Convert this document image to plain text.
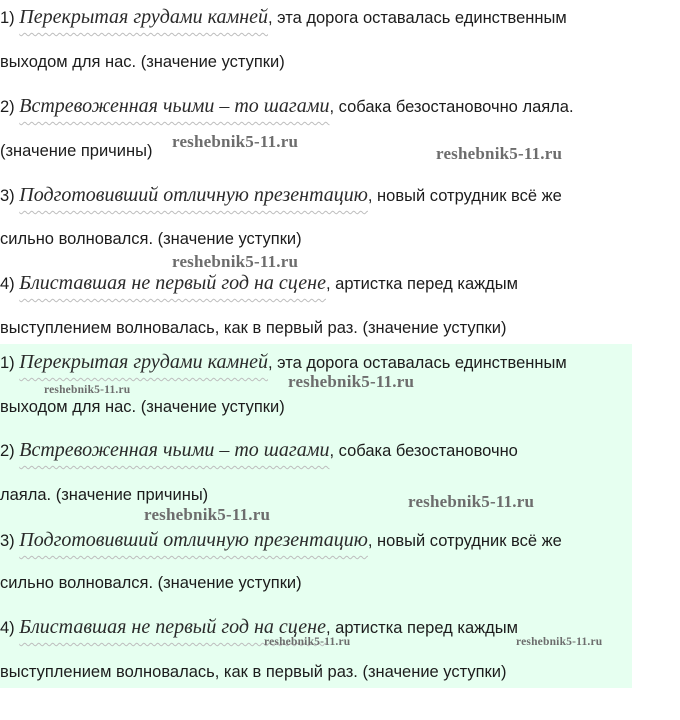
1) Перекрытая грудами камней, эта дорога оставалась единственным
выходом для нас. (значение уступки)
2) Встревоженная чьими – то шагами, собака безостановочно лаяла.
(значение причины)
3) Подготовивший отличную презентацию, новый сотрудник всё же
сильно волновался. (значение уступки)
4) Блиставшая не первый год на сцене, артистка перед каждым
выступлением волновалась, как в первый раз. (значение уступки)
1) Перекрытая грудами камней, эта дорога оставалась единственным
выходом для нас. (значение уступки)
2) Встревоженная чьими – то шагами, собака безостановочно
лаяла. (значение причины)
3) Подготовивший отличную презентацию, новый сотрудник всё же
сильно волновался. (значение уступки)
4) Блиставшая не первый год на сцене, артистка перед каждым
выступлением волновалась, как в первый раз. (значение уступки)
reshebnik5-11.ru
reshebnik5-11.ru
reshebnik5-11.ru
reshebnik5-11.ru
reshebnik5-11.ru
reshebnik5-11.ru
reshebnik5-11.ru
reshebnik5-11.ru	reshebnik5-11.ru
